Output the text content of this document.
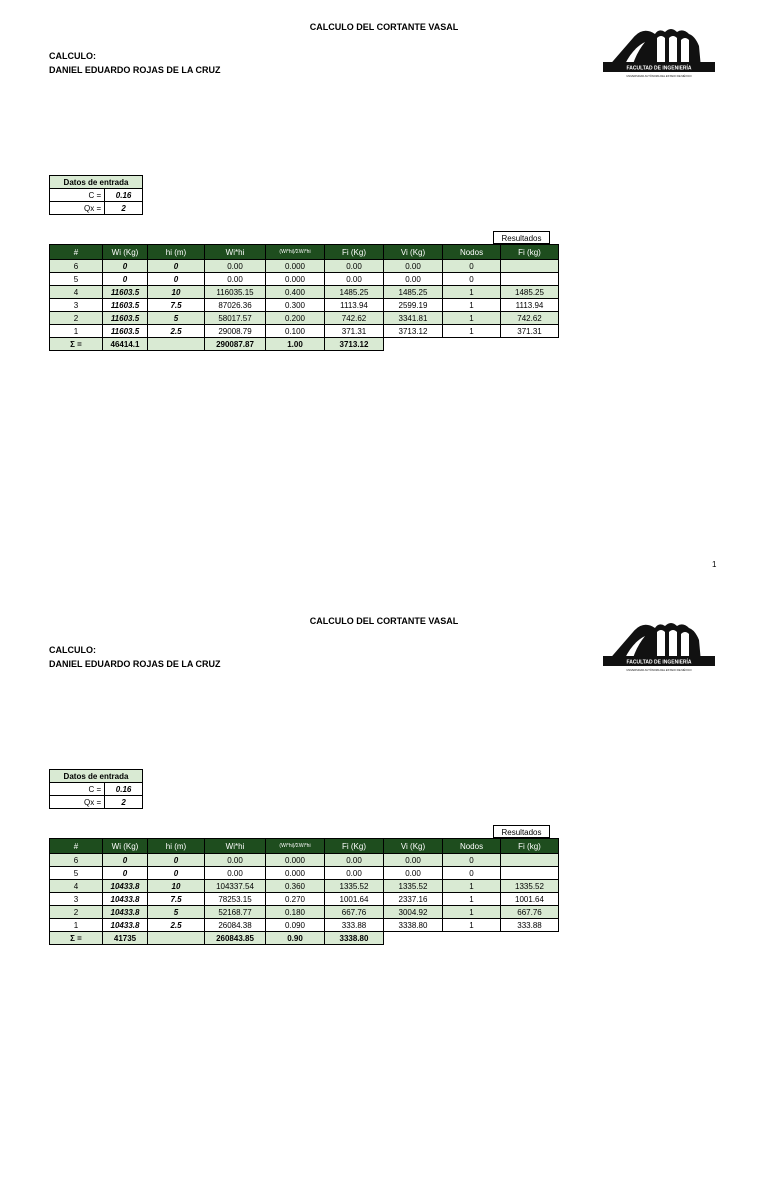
CALCULO DEL CORTANTE VASAL
CALCULO:
DANIEL EDUARDO ROJAS DE LA CRUZ	FACULTAD DE INGENIERÍA
UNIVERSIDAD AUTÓNOMA DEL ESTADO DE MÉXICO
Datos de entrada	
C =	0.16
Qx =	2
Resultados
#	Wi (Kg)	hi (m)	Wi*hi	(Wi*hi)/ΣWi*hi	Fi (Kg)	Vi (Kg)	Nodos	Fi (kg)
6	0	0	0.00	0.000	0.00	0.00	0	
5	0	0	0.00	0.000	0.00	0.00	0	
4	11603.5	10	116035.15	0.400	1485.25	1485.25	1	1485.25
3	11603.5	7.5	87026.36	0.300	1113.94	2599.19	1	1113.94
2	11603.5	5	58017.57	0.200	742.62	3341.81	1	742.62
1	11603.5	2.5	29008.79	0.100	371.31	3713.12	1	371.31
Σ =	46414.1		290087.87	1.00	3713.12			
1
CALCULO DEL CORTANTE VASAL
CALCULO:
DANIEL EDUARDO ROJAS DE LA CRUZ	FACULTAD DE INGENIERÍA
UNIVERSIDAD AUTÓNOMA DEL ESTADO DE MÉXICO
Datos de entrada	
C =	0.16
Qx =	2
Resultados
#	Wi (Kg)	hi (m)	Wi*hi	(Wi*hi)/ΣWi*hi	Fi (Kg)	Vi (Kg)	Nodos	Fi (kg)
6	0	0	0.00	0.000	0.00	0.00	0	
5	0	0	0.00	0.000	0.00	0.00	0	
4	10433.8	10	104337.54	0.360	1335.52	1335.52	1	1335.52
3	10433.8	7.5	78253.15	0.270	1001.64	2337.16	1	1001.64
2	10433.8	5	52168.77	0.180	667.76	3004.92	1	667.76
1	10433.8	2.5	26084.38	0.090	333.88	3338.80	1	333.88
Σ =	41735		260843.85	0.90	3338.80			
